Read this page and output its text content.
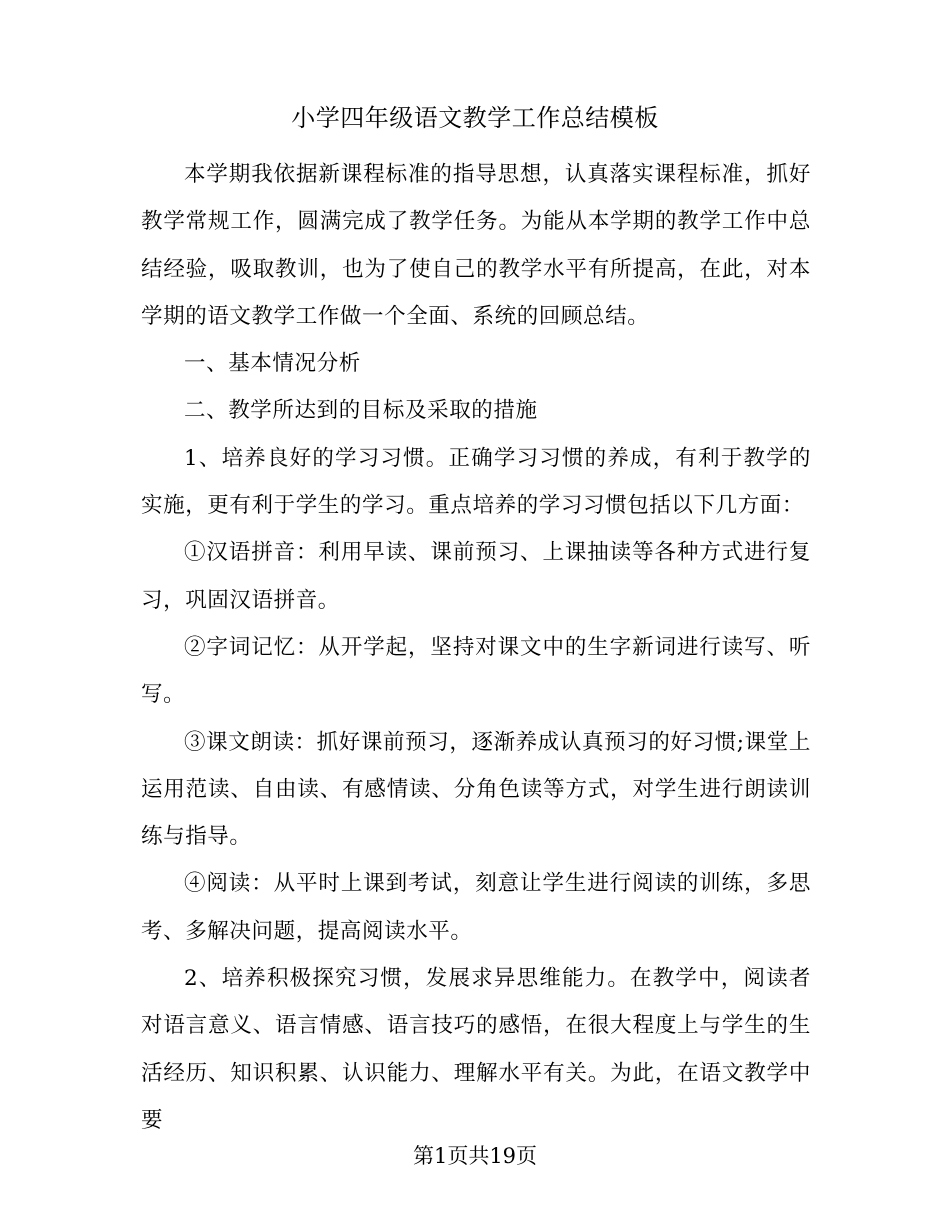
小学四年级语文教学工作总结模板

本学期我依据新课程标准的指导思想，认真落实课程标准，抓好教学常规工作，圆满完成了教学任务。为能从本学期的教学工作中总结经验，吸取教训，也为了使自己的教学水平有所提高，在此，对本学期的语文教学工作做一个全面、系统的回顾总结。

一、基本情况分析

二、教学所达到的目标及采取的措施

1、培养良好的学习习惯。正确学习习惯的养成，有利于教学的实施，更有利于学生的学习。重点培养的学习习惯包括以下几方面：

①汉语拼音：利用早读、课前预习、上课抽读等各种方式进行复习，巩固汉语拼音。

②字词记忆：从开学起，坚持对课文中的生字新词进行读写、听写。

③课文朗读：抓好课前预习，逐渐养成认真预习的好习惯;课堂上运用范读、自由读、有感情读、分角色读等方式，对学生进行朗读训练与指导。

④阅读：从平时上课到考试，刻意让学生进行阅读的训练，多思考、多解决问题，提高阅读水平。

2、培养积极探究习惯，发展求异思维能力。在教学中，阅读者对语言意义、语言情感、语言技巧的感悟，在很大程度上与学生的生活经历、知识积累、认识能力、理解水平有关。为此，在语文教学中要

第1页共19页
